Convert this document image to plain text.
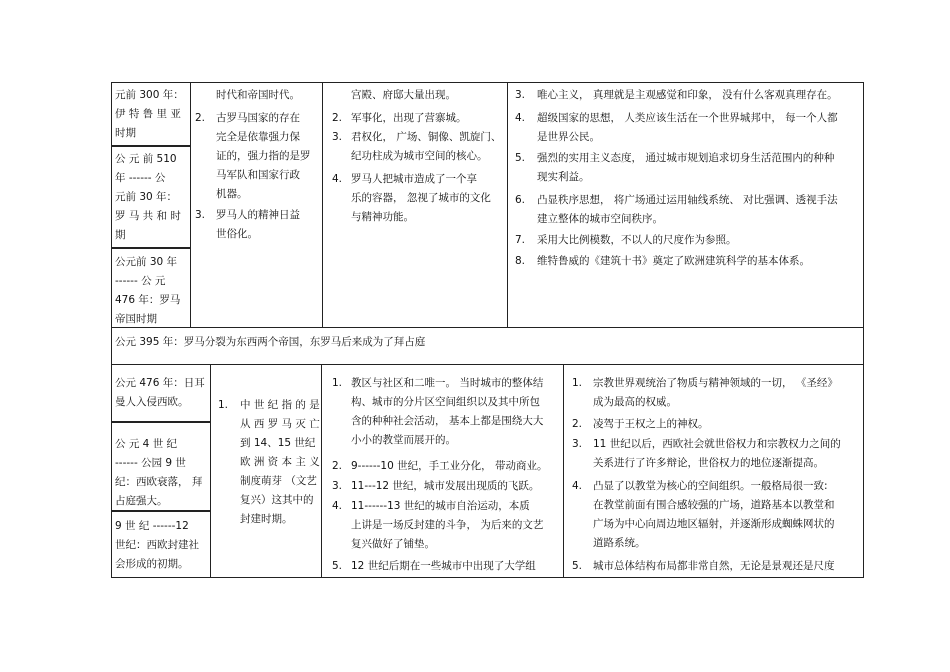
元前 300 年：
伊 特 鲁 里 亚
时期
公 元 前 510
年 ------ 公
元前 30 年：
罗 马 共 和 时
期
公元前 30 年
------ 公 元
476 年：罗马
帝国时期
时代和帝国时代。
2. 古罗马国家的存在
完全是依靠强力保
证的，强力指的是罗
马军队和国家行政
机器。
3. 罗马人的精神日益
世俗化。
宫殿、府邸大量出现。
2. 军事化，出现了营寨城。
3. 君权化， 广场、铜像、凯旋门、
纪功柱成为城市空间的核心。
4. 罗马人把城市造成了一个享
乐的容器， 忽视了城市的文化
与精神功能。
3. 唯心主义， 真理就是主观感觉和印象， 没有什么客观真理存在。
4. 超级国家的思想， 人类应该生活在一个世界城邦中， 每一个人都
是世界公民。
5. 强烈的实用主义态度， 通过城市规划追求切身生活范围内的种种
现实利益。
6. 凸显秩序思想， 将广场通过运用轴线系统、 对比强调、透视手法
建立整体的城市空间秩序。
7. 采用大比例模数，不以人的尺度作为参照。
8. 维特鲁威的《建筑十书》奠定了欧洲建筑科学的基本体系。
公元 395 年：罗马分裂为东西两个帝国，东罗马后来成为了拜占庭
公元 476 年：日耳
曼人入侵西欧。
公 元 4 世 纪
------ 公园 9 世
纪：西欧衰落， 拜
占庭强大。
9 世 纪 ------12
世纪：西欧封建社
会形成的初期。
1. 中 世 纪 指 的 是
从 西 罗 马 灭 亡
到 14、15 世纪
欧 洲 资 本 主 义
制度萌芽 （文艺
复兴）这其中的
封建时期。
1. 教区与社区和二唯一。 当时城市的整体结
构、城市的分片区空间组织以及其中所包
含的种种社会活动， 基本上都是围绕大大
小小的教堂而展开的。
2. 9------10 世纪，手工业分化， 带动商业。
3. 11---12 世纪，城市发展出现质的飞跃。
4. 11------13 世纪的城市自治运动，本质
上讲是一场反封建的斗争， 为后来的文艺
复兴做好了铺垫。
5. 12 世纪后期在一些城市中出现了大学组
1. 宗教世界观统治了物质与精神领域的一切， 《圣经》
成为最高的权威。
2. 凌驾于王权之上的神权。
3. 11 世纪以后，西欧社会就世俗权力和宗教权力之间的
关系进行了许多辩论，世俗权力的地位逐渐提高。
4. 凸显了以教堂为核心的空间组织。一般格局很一致:
在教堂前面有围合感较强的广场，道路基本以教堂和
广场为中心向周边地区辐射，并逐渐形成蜘蛛网状的
道路系统。
5. 城市总体结构布局都非常自然，无论是景观还是尺度
